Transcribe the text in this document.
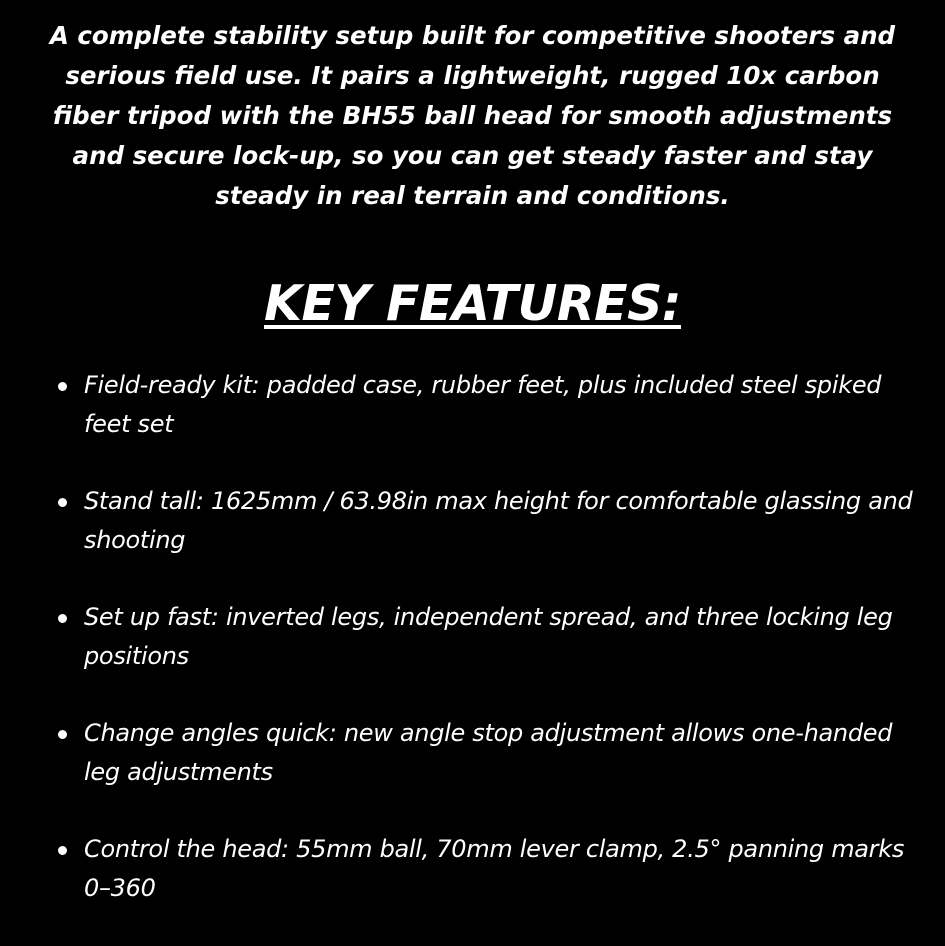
A complete stability setup built for competitive shooters and serious field use. It pairs a lightweight, rugged 10x carbon fiber tripod with the BH55 ball head for smooth adjustments and secure lock-up, so you can get steady faster and stay steady in real terrain and conditions.

KEY FEATURES:
Field-ready kit: padded case, rubber feet, plus included steel spiked feet set
Stand tall: 1625mm / 63.98in max height for comfortable glassing and shooting
Set up fast: inverted legs, independent spread, and three locking leg positions
Change angles quick: new angle stop adjustment allows one-handed leg adjustments
Control the head: 55mm ball, 70mm lever clamp, 2.5° panning marks 0–360
